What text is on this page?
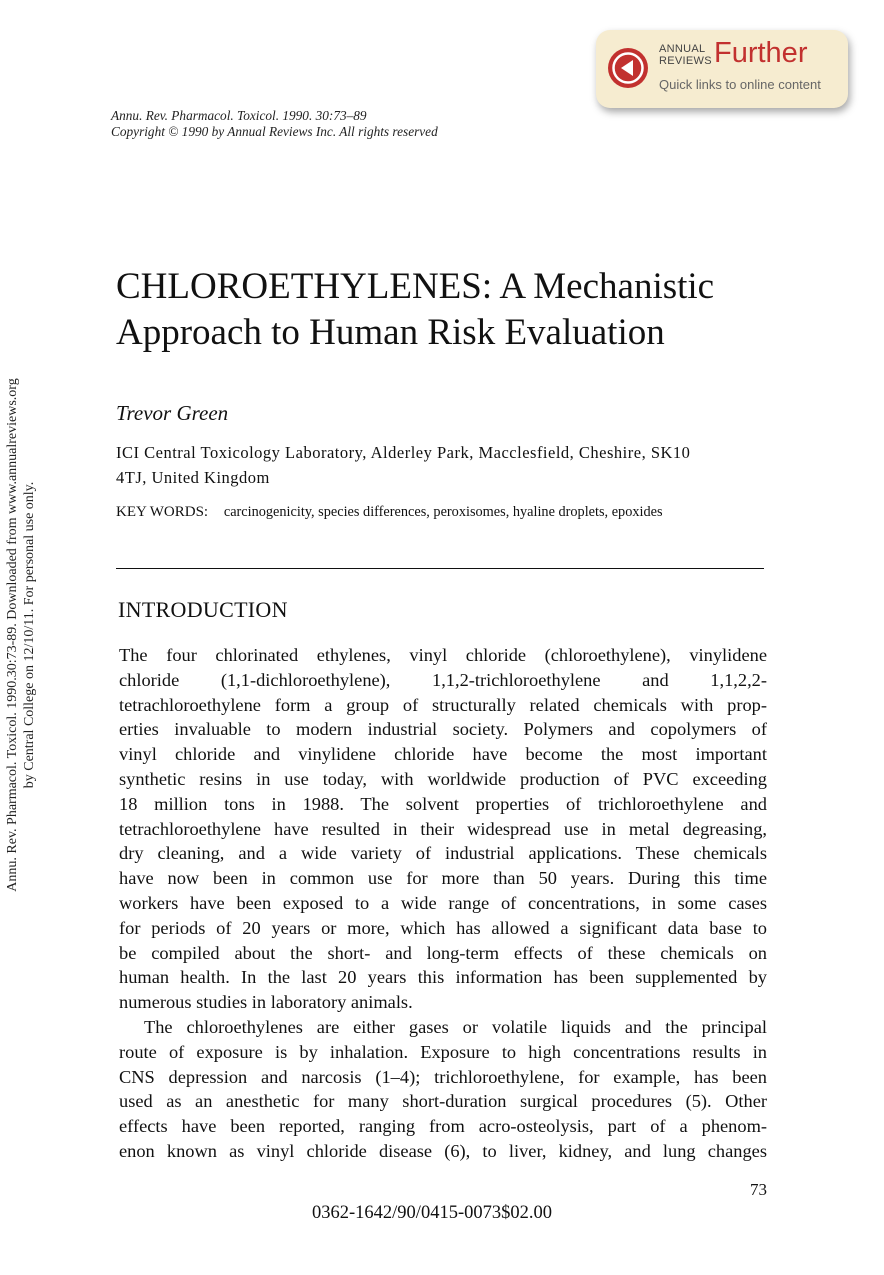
ANNUAL
REVIEWS Further
Quick links to online content
Annu. Rev. Pharmacol. Toxicol. 1990. 30:73–89
Copyright © 1990 by Annual Reviews Inc. All rights reserved
Annu. Rev. Pharmacol. Toxicol. 1990.30:73-89. Downloaded from www.annualreviews.org by Central College on 12/10/11. For personal use only.
CHLOROETHYLENES: A Mechanistic
Approach to Human Risk Evaluation
Trevor Green
ICI Central Toxicology Laboratory, Alderley Park, Macclesfield, Cheshire, SK10
4TJ, United Kingdom
KEY WORDS: carcinogenicity, species differences, peroxisomes, hyaline droplets, epoxides
INTRODUCTION
The four chlorinated ethylenes, vinyl chloride (chloroethylene), vinylidene
chloride (1,1-dichloroethylene), 1,1,2-trichloroethylene and 1,1,2,2-
tetrachloroethylene form a group of structurally related chemicals with prop-
erties invaluable to modern industrial society. Polymers and copolymers of
vinyl chloride and vinylidene chloride have become the most important
synthetic resins in use today, with worldwide production of PVC exceeding
18 million tons in 1988. The solvent properties of trichloroethylene and
tetrachloroethylene have resulted in their widespread use in metal degreasing,
dry cleaning, and a wide variety of industrial applications. These chemicals
have now been in common use for more than 50 years. During this time
workers have been exposed to a wide range of concentrations, in some cases
for periods of 20 years or more, which has allowed a significant data base to
be compiled about the short- and long-term effects of these chemicals on
human health. In the last 20 years this information has been supplemented by
numerous studies in laboratory animals.
The chloroethylenes are either gases or volatile liquids and the principal
route of exposure is by inhalation. Exposure to high concentrations results in
CNS depression and narcosis (1–4); trichloroethylene, for example, has been
used as an anesthetic for many short-duration surgical procedures (5). Other
effects have been reported, ranging from acro-osteolysis, part of a phenom-
enon known as vinyl chloride disease (6), to liver, kidney, and lung changes
73
0362-1642/90/0415-0073$02.00
